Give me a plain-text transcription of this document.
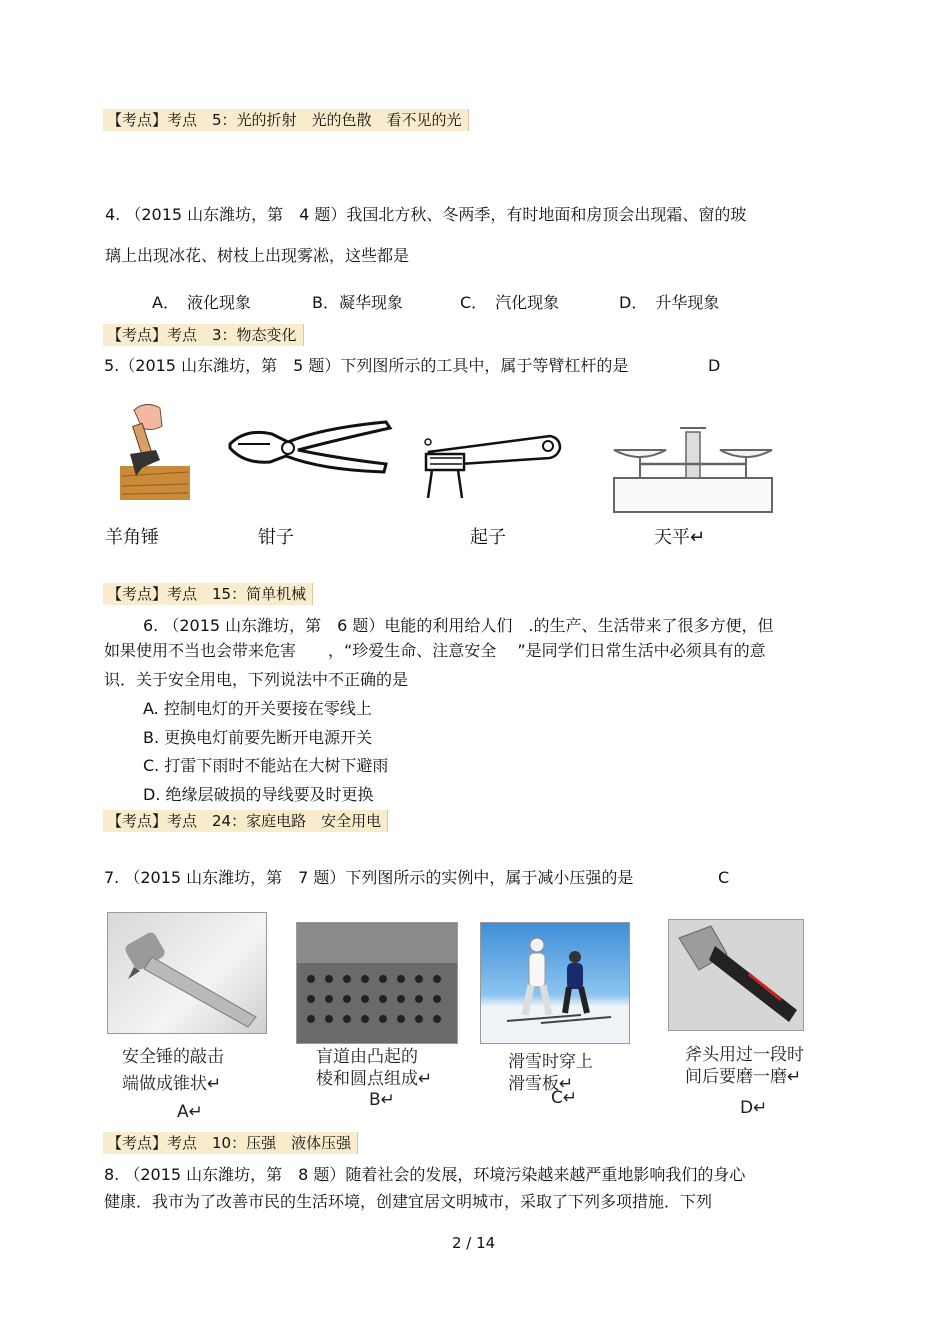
【考点】考点　5：光的折射　光的色散　看不见的光
4. （2015 山东潍坊，第　4 题）我国北方秋、冬两季，有时地面和房顶会出现霜、窗的玻
璃上出现冰花、树枝上出现雾凇，这些都是
A．　液化现象	B．凝华现象	C．　汽化现象	D．　升华现象
【考点】考点　3：物态变化
5.（2015 山东潍坊，第　5 题）下列图所示的工具中，属于等臂杠杆的是	D
羊角锤	钳子	起子	天平↵
【考点】考点　15：简单机械
6. （2015 山东潍坊，第　6 题）电能的利用给人们　.的生产、生活带来了很多方便，但
如果使用不当也会带来危害　　，“珍爱生命、注意安全　 ”是同学们日常生活中必须具有的意
识．关于安全用电，下列说法中不正确的是
A. 控制电灯的开关要接在零线上
B. 更换电灯前要先断开电源开关
C. 打雷下雨时不能站在大树下避雨
D. 绝缘层破损的导线要及时更换
【考点】考点　24：家庭电路　安全用电
7. （2015 山东潍坊，第　7 题）下列图所示的实例中，属于减小压强的是	C
安全锤的敲击
端做成锥状↵
A↵
盲道由凸起的
棱和圆点组成↵
B↵
滑雪时穿上
滑雪板↵
C↵
斧头用过一段时
间后要磨一磨↵
D↵
【考点】考点　10：压强　液体压强
8. （2015 山东潍坊，第　8 题）随着社会的发展，环境污染越来越严重地影响我们的身心
健康．我市为了改善市民的生活环境，创建宜居文明城市，采取了下列多项措施．下列
2 / 14
